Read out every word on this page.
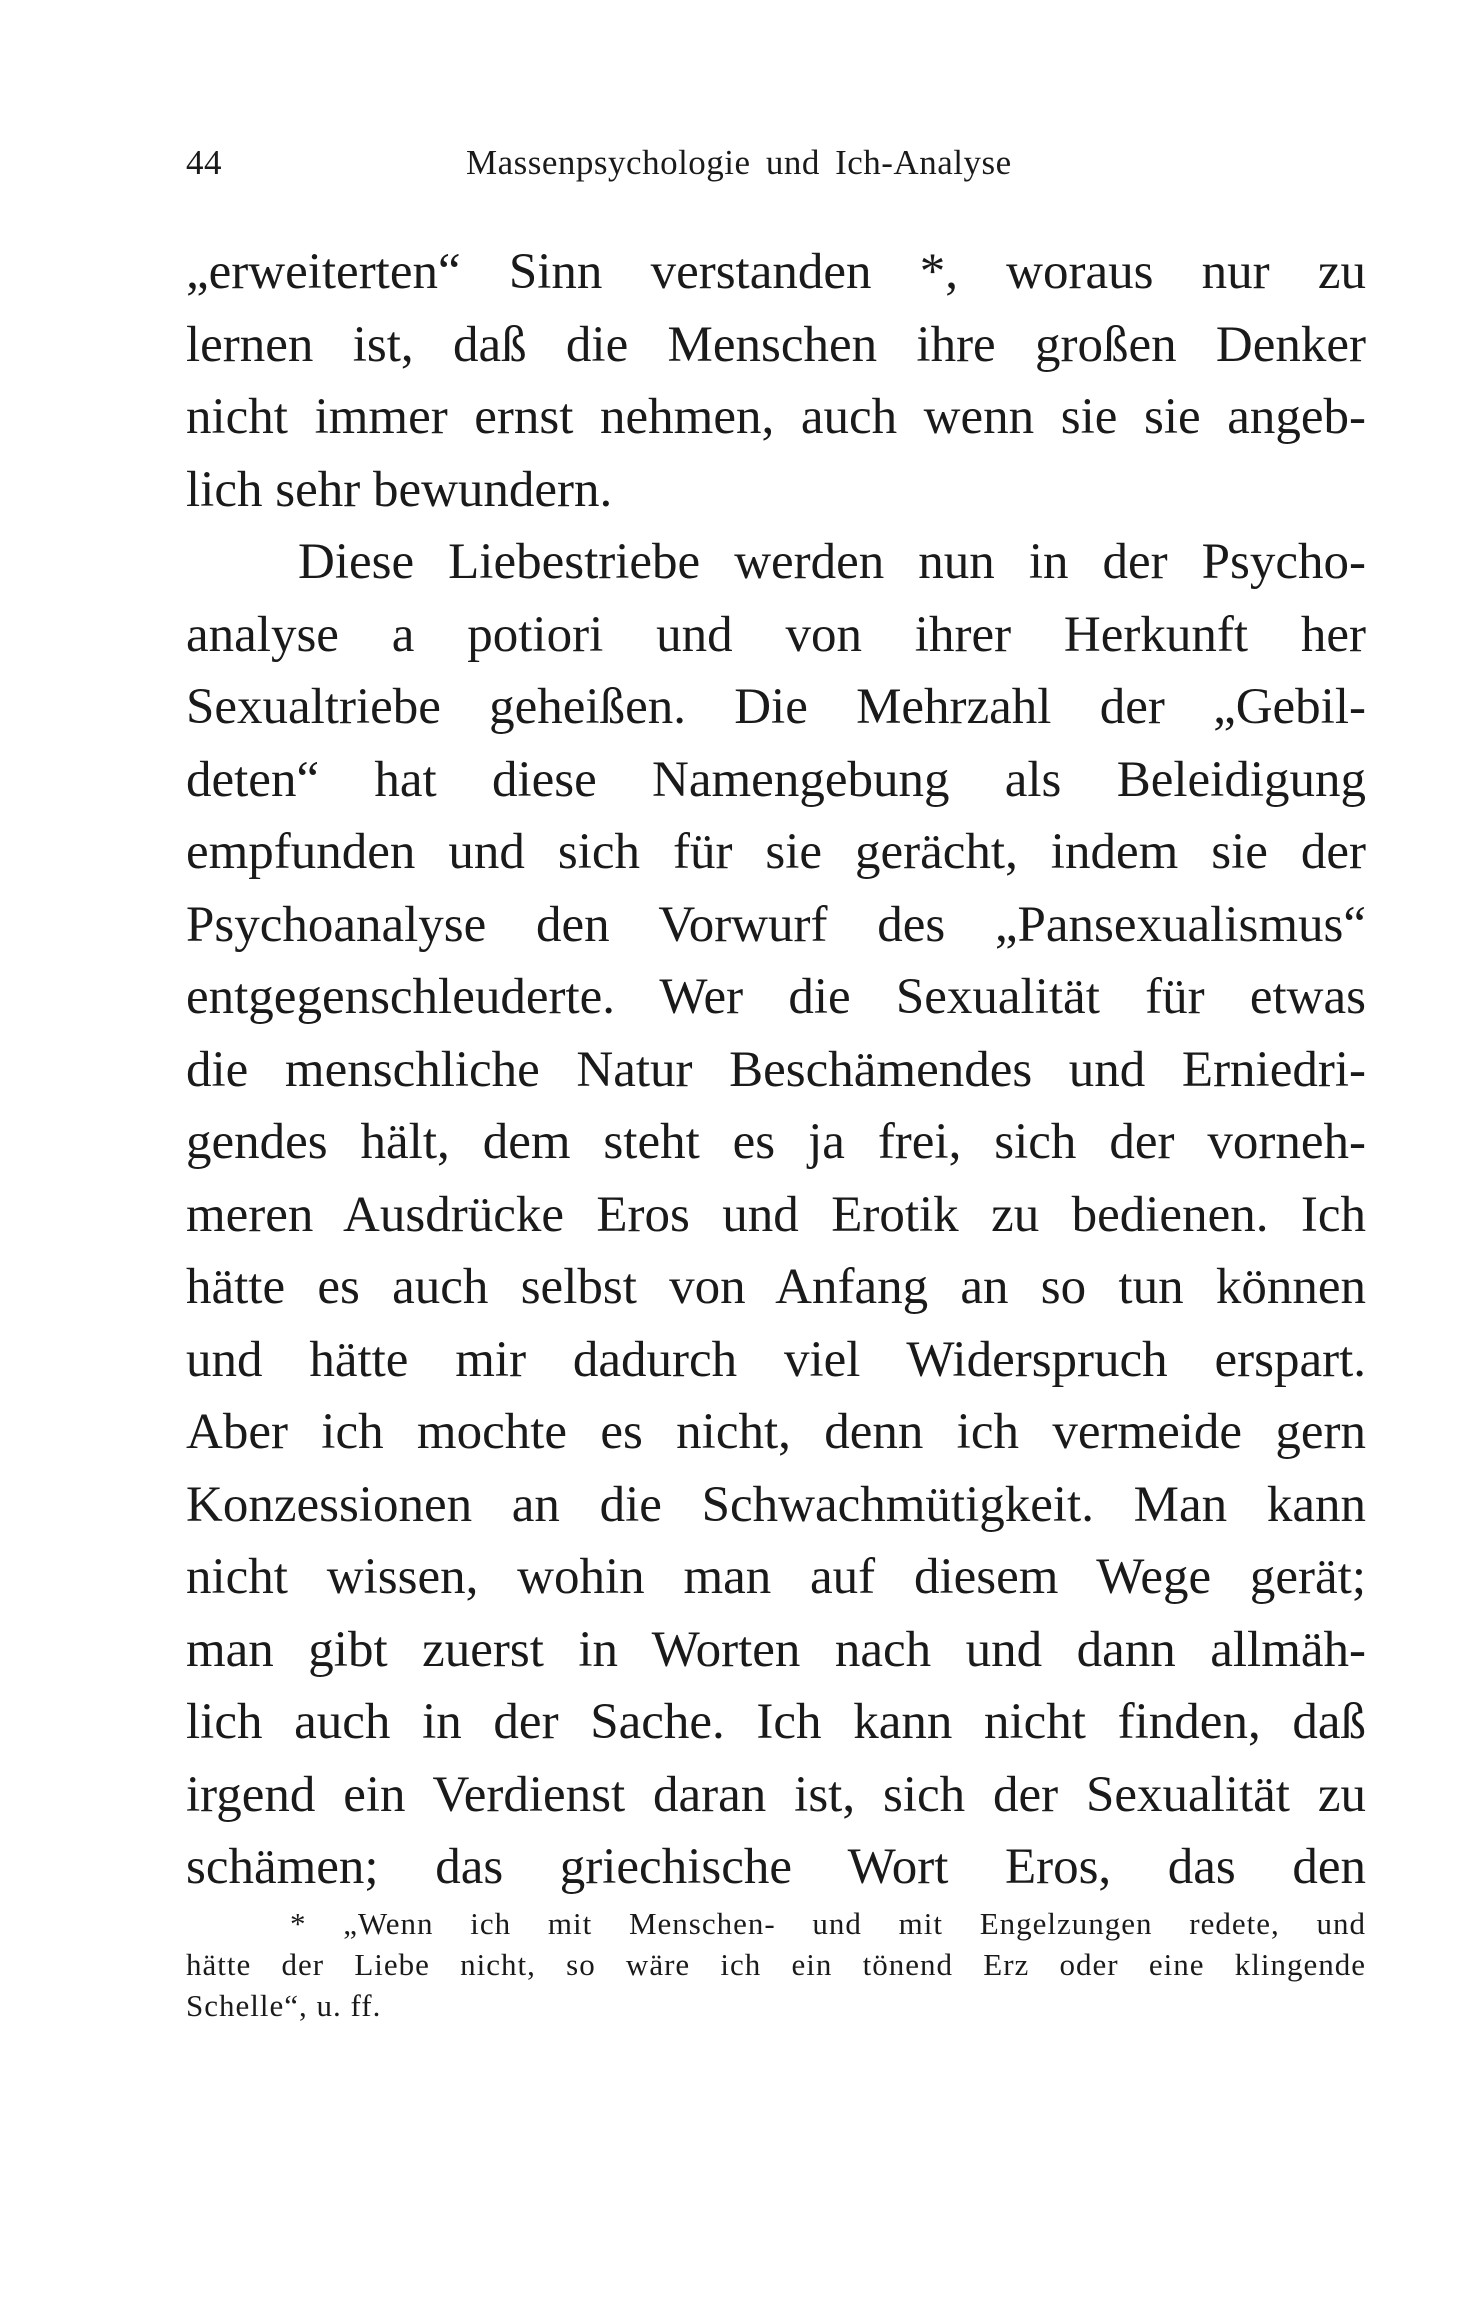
44	Massenpsychologie und Ich-Analyse
„erweiterten“ Sinn verstanden *, woraus nur zu
lernen ist, daß die Menschen ihre großen Denker
nicht immer ernst nehmen, auch wenn sie sie angeb-
lich sehr bewundern.
Diese Liebestriebe werden nun in der Psycho-
analyse a potiori und von ihrer Herkunft her
Sexualtriebe geheißen. Die Mehrzahl der „Gebil-
deten“ hat diese Namengebung als Beleidigung
empfunden und sich für sie gerächt, indem sie der
Psychoanalyse den Vorwurf des „Pansexualismus“
entgegenschleuderte. Wer die Sexualität für etwas
die menschliche Natur Beschämendes und Erniedri-
gendes hält, dem steht es ja frei, sich der vorneh-
meren Ausdrücke Eros und Erotik zu bedienen. Ich
hätte es auch selbst von Anfang an so tun können
und hätte mir dadurch viel Widerspruch erspart.
Aber ich mochte es nicht, denn ich vermeide gern
Konzessionen an die Schwachmütigkeit. Man kann
nicht wissen, wohin man auf diesem Wege gerät;
man gibt zuerst in Worten nach und dann allmäh-
lich auch in der Sache. Ich kann nicht finden, daß
irgend ein Verdienst daran ist, sich der Sexualität zu
schämen; das griechische Wort Eros, das den
* „Wenn ich mit Menschen- und mit Engelzungen redete, und
hätte der Liebe nicht, so wäre ich ein tönend Erz oder eine klingende
Schelle“, u. ff.
